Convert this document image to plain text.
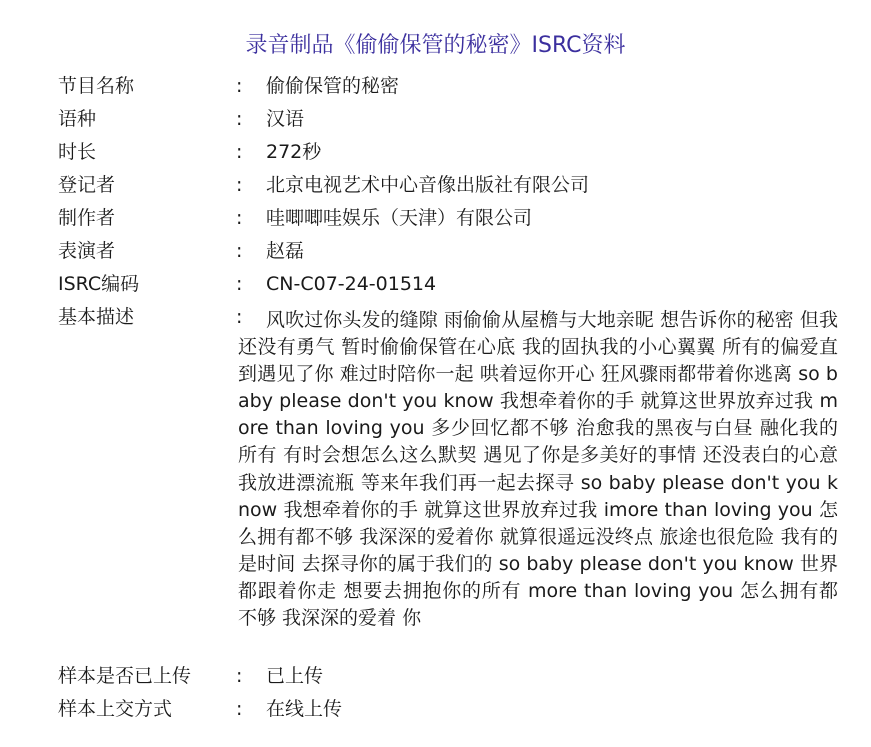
录音制品《偷偷保管的秘密》ISRC资料
节目名称	:	偷偷保管的秘密
语种	:	汉语
时长	:	272秒
登记者	:	北京电视艺术中心音像出版社有限公司
制作者	:	哇唧唧哇娱乐（天津）有限公司
表演者	:	赵磊
ISRC编码	:	CN-C07-24-01514
基本描述	:	风吹过你头发的缝隙 雨偷偷从屋檐与大地亲昵 想告诉你的秘密 但我还没有勇气 暂时偷偷保管在心底 我的固执我的小心翼翼 所有的偏爱直到遇见了你 难过时陪你一起 哄着逗你开心 狂风骤雨都带着你逃离 so baby please don't you know 我想牵着你的手 就算这世界放弃过我 more than loving you 多少回忆都不够 治愈我的黑夜与白昼 融化我的所有 有时会想怎么这么默契 遇见了你是多美好的事情 还没表白的心意 我放进漂流瓶 等来年我们再一起去探寻 so baby please don't you know 我想牵着你的手 就算这世界放弃过我 imore than loving you 怎么拥有都不够 我深深的爱着你 就算很遥远没终点 旅途也很危险 我有的是时间 去探寻你的属于我们的 so baby please don't you know 世界都跟着你走 想要去拥抱你的所有 more than loving you 怎么拥有都不够 我深深的爱着 你
样本是否已上传	:	已上传
样本上交方式	:	在线上传
